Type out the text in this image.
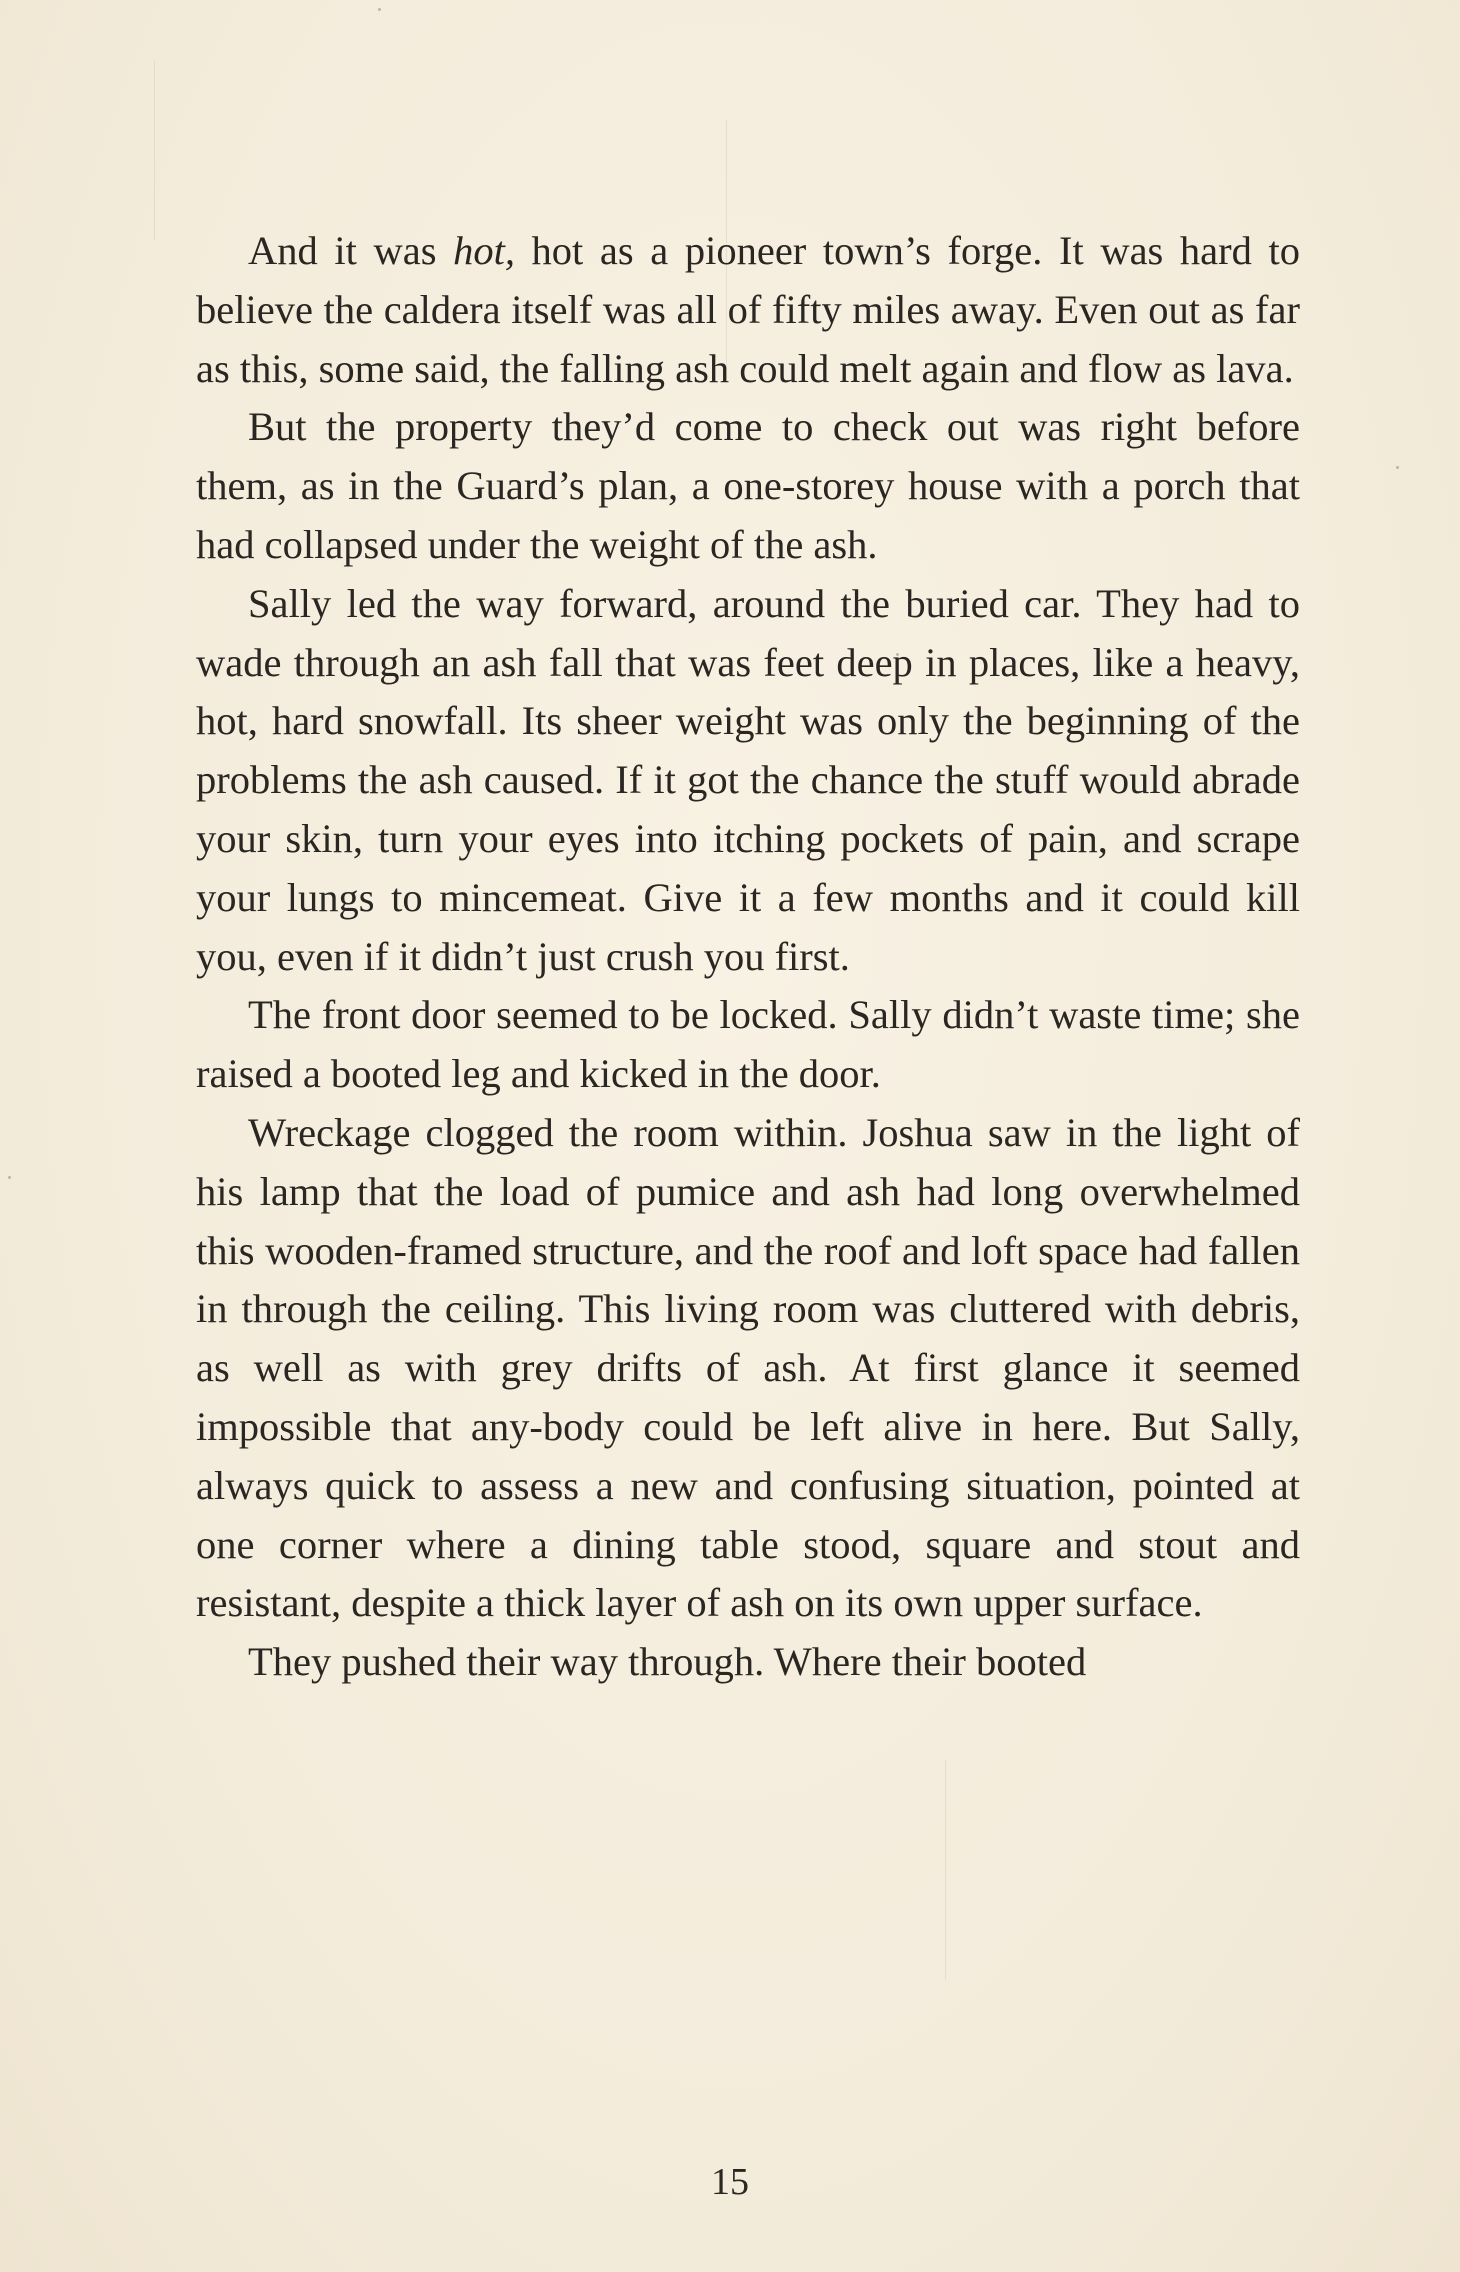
And it was hot, hot as a pioneer town’s forge. It was hard to believe the caldera itself was all of fifty miles away. Even out as far as this, some said, the falling ash could melt again and flow as lava.

But the property they’d come to check out was right before them, as in the Guard’s plan, a one-storey house with a porch that had collapsed under the weight of the ash.

Sally led the way forward, around the buried car. They had to wade through an ash fall that was feet deep in places, like a heavy, hot, hard snowfall. Its sheer weight was only the beginning of the problems the ash caused. If it got the chance the stuff would abrade your skin, turn your eyes into itching pockets of pain, and scrape your lungs to mincemeat. Give it a few months and it could kill you, even if it didn’t just crush you first.

The front door seemed to be locked. Sally didn’t waste time; she raised a booted leg and kicked in the door.

Wreckage clogged the room within. Joshua saw in the light of his lamp that the load of pumice and ash had long overwhelmed this wooden-framed structure, and the roof and loft space had fallen in through the ceiling. This living room was cluttered with debris, as well as with grey drifts of ash. At first glance it seemed impossible that any-body could be left alive in here. But Sally, always quick to assess a new and confusing situation, pointed at one corner where a dining table stood, square and stout and resistant, despite a thick layer of ash on its own upper surface.

They pushed their way through. Where their booted

15
